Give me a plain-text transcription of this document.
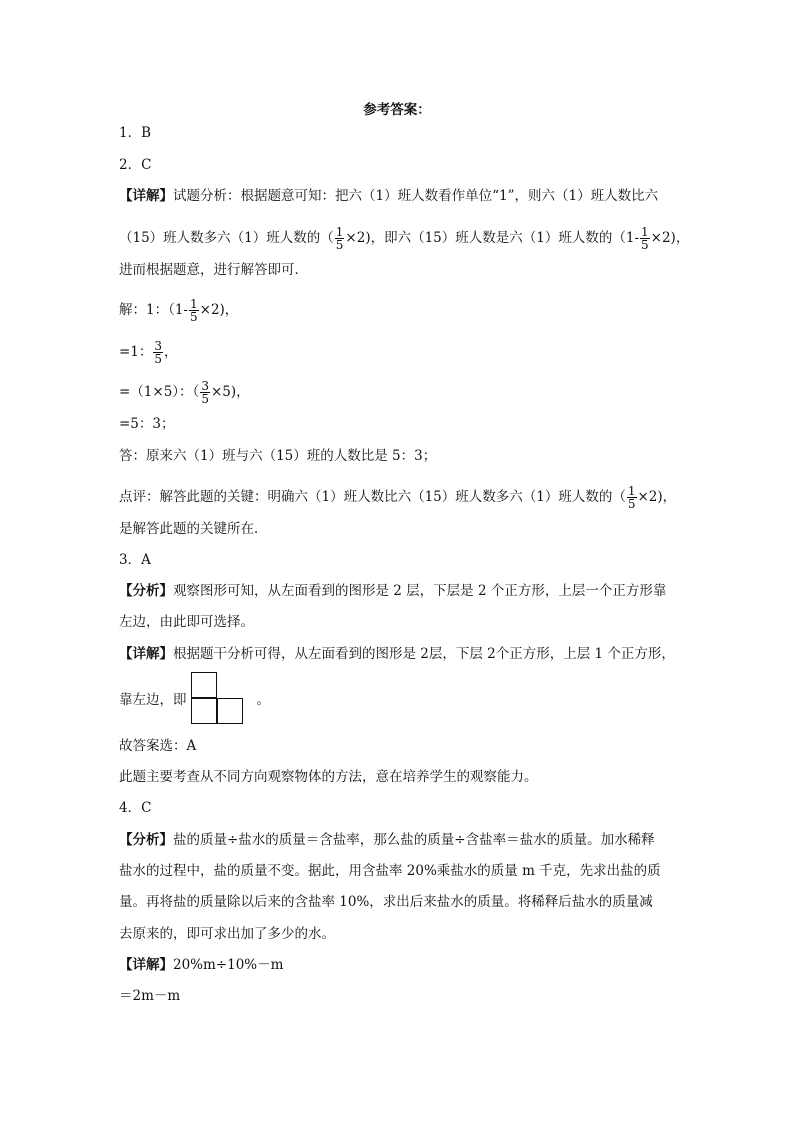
参考答案：
1．B
2．C
【详解】试题分析：根据题意可知：把六（1）班人数看作单位“1”，则六（1）班人数比六
（15）班人数多六（1）班人数的（ $\frac{1}{5} \times 2$)，即六（15）班人数是六（1）班人数的$(1- \frac{1}{5} \times 2)$，
进而根据题意，进行解答即可．
解：1：$(1- \frac{1}{5} \times 2)$，
=1： $\frac{3}{5}$ ，
=（1×5）：（ $\frac{3}{5} \times 5$)，
=5：3；
答：原来六（1）班与六（15）班的人数比是 5：3；
点评：解答此题的关键：明确六（1）班人数比六（15）班人数多六（1）班人数的（ $\frac{1}{5} \times 2$)，
是解答此题的关键所在．
3．A
【分析】观察图形可知，从左面看到的图形是 2 层，下层是 2 个正方形，上层一个正方形靠
左边，由此即可选择。
【详解】根据题干分析可得，从左面看到的图形是 2层，下层 2个正方形，上层 1 个正方形，
靠左边，即	。
故答案选：A
此题主要考查从不同方向观察物体的方法，意在培养学生的观察能力。
4．C
【分析】盐的质量÷盐水的质量＝含盐率，那么盐的质量÷含盐率＝盐水的质量。加水稀释
盐水的过程中，盐的质量不变。据此，用含盐率 20%乘盐水的质量 m 千克，先求出盐的质
量。再将盐的质量除以后来的含盐率 10%，求出后来盐水的质量。将稀释后盐水的质量减
去原来的，即可求出加了多少的水。
【详解】20%m÷10%－m
＝2m－m
